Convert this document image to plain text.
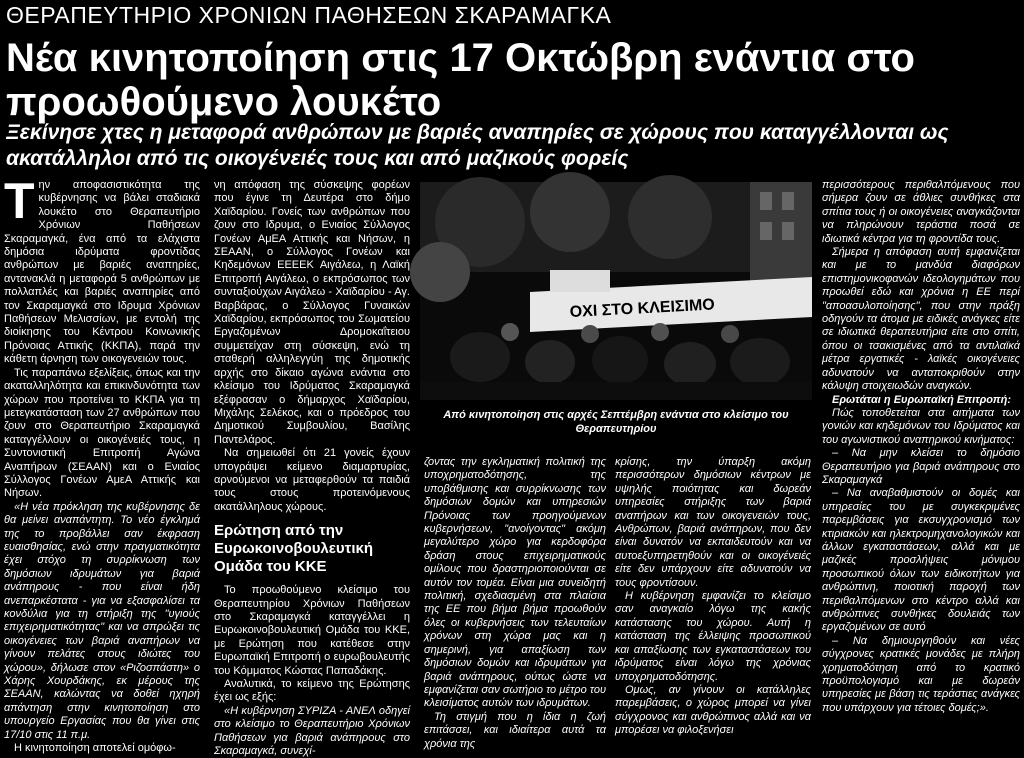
ΘΕΡΑΠΕΥΤΗΡΙΟ ΧΡΟΝΙΩΝ ΠΑΘΗΣΕΩΝ ΣΚΑΡΑΜΑΓΚΑ
Νέα κινητοποίηση στις 17 Οκτώβρη ενάντια στο προωθούμενο λουκέτο
Ξεκίνησε χτες η μεταφορά ανθρώπων με βαριές αναπηρίες σε χώρους που καταγγέλλονται ως ακατάλληλοι από τις οικογένειές τους και από μαζικούς φορείς

Την αποφασιστικότητα της κυβέρνησης να βάλει σταδιακά λουκέτο στο Θεραπευτήριο Χρόνιων Παθήσεων Σκαραμαγκά, ένα από τα ελάχιστα δημόσια ιδρύματα φροντίδας ανθρώπων με βαριές αναπηρίες, αντανακλά η μεταφορά 5 ανθρώπων με πολλαπλές και βαριές αναπηρίες από τον Σκαραμαγκά στο Ιδρυμα Χρόνιων Παθήσεων Μελισσίων, με εντολή της διοίκησης του Κέντρου Κοινωνικής Πρόνοιας Αττικής (ΚΚΠΑ), παρά την κάθετη άρνηση των οικογενειών τους.

Τις παραπάνω εξελίξεις, όπως και την ακαταλληλότητα και επικινδυνότητα των χώρων που προτείνει το ΚΚΠΑ για τη μετεγκατάσταση των 27 ανθρώπων που ζουν στο Θεραπευτήριο Σκαραμαγκά καταγγέλλουν οι οικογένειές τους, η Συντονιστική Επιτροπή Αγώνα Αναπήρων (ΣΕΑΑΝ) και ο Ενιαίος Σύλλογος Γονέων ΑμεΑ Αττικής και Νήσων.

«Η νέα πρόκληση της κυβέρνησης δε θα μείνει αναπάντητη. Το νέο έγκλημά της το προβάλλει σαν έκφραση ευαισθησίας, ενώ στην πραγματικότητα έχει στόχο τη συρρίκνωση των δημόσιων ιδρυμάτων για βαριά ανάπηρους - που είναι ήδη ανεπαρκέστατα - για να εξασφαλίσει τα κονδύλια για τη στήριξη της "υγιούς επιχειρηματικότητας" και να σπρώξει τις οικογένειες των βαριά αναπήρων να γίνουν πελάτες στους ιδιώτες του χώρου», δήλωσε στον «Ριζοσπάστη» ο Χάρης Χουρδάκης, εκ μέρους της ΣΕΑΑΝ, καλώντας να δοθεί ηχηρή απάντηση στην κινητοποίηση στο υπουργείο Εργασίας που θα γίνει στις 17/10 στις 11 π.μ.

Η κινητοποίηση αποτελεί ομόφω-

νη απόφαση της σύσκεψης φορέων που έγινε τη Δευτέρα στο δήμο Χαϊδαρίου. Γονείς των ανθρώπων που ζουν στο Ιδρυμα, ο Ενιαίος Σύλλογος Γονέων ΑμΕΑ Αττικής και Νήσων, η ΣΕΑΑΝ, ο Σύλλογος Γονέων και Κηδεμόνων ΕΕΕΕΚ Αιγάλεω, η Λαϊκή Επιτροπή Αιγάλεω, ο εκπρόσωπος των συνταξιούχων Αιγάλεω - Χαϊδαρίου - Αγ. Βαρβάρας, ο Σύλλογος Γυναικών Χαϊδαρίου, εκπρόσωπος του Σωματείου Εργαζομένων Δρομοκαΐτειου συμμετείχαν στη σύσκεψη, ενώ τη σταθερή αλληλεγγύη της δημοτικής αρχής στο δίκαιο αγώνα ενάντια στο κλείσιμο του Ιδρύματος Σκαραμαγκά εξέφρασαν ο δήμαρχος Χαϊδαρίου, Μιχάλης Σελέκος, και ο πρόεδρος του Δημοτικού Συμβουλίου, Βασίλης Παντελάρος.

Να σημειωθεί ότι 21 γονείς έχουν υπογράψει κείμενο διαμαρτυρίας, αρνούμενοι να μεταφερθούν τα παιδιά τους στους προτεινόμενους ακατάλληλους χώρους.

Ερώτηση από την Ευρωκοινοβουλευτική Ομάδα του ΚΚΕ

Το προωθούμενο κλείσιμο του Θεραπευτηρίου Χρόνιων Παθήσεων στο Σκαραμαγκά καταγγέλλει η Ευρωκοινοβουλευτική Ομάδα του ΚΚΕ, με Ερώτηση που κατέθεσε στην Ευρωπαϊκή Επιτροπή ο ευρωβουλευτής του Κόμματος Κώστας Παπαδάκης.

Αναλυτικά, το κείμενο της Ερώτησης έχει ως εξής:

«Η κυβέρνηση ΣΥΡΙΖΑ - ΑΝΕΛ οδηγεί στο κλείσιμο το Θεραπευτήριο Χρόνιων Παθήσεων για βαριά ανάπηρους στο Σκαραμαγκά, συνεχί-

ΟΧΙ ΣΤΟ ΚΛΕΙΣΙΜΟ
Από κινητοποίηση στις αρχές Σεπτέμβρη ενάντια στο κλείσιμο του Θεραπευτηρίου

ζοντας την εγκληματική πολιτική της υποχρηματοδότησης, της υποβάθμισης και συρρίκνωσης των δημόσιων δομών και υπηρεσιών Πρόνοιας των προηγούμενων κυβερνήσεων, "ανοίγοντας" ακόμη μεγαλύτερο χώρο για κερδοφόρα δράση στους επιχειρηματικούς ομίλους που δραστηριοποιούνται σε αυτόν τον τομέα. Είναι μια συνειδητή πολιτική, σχεδιασμένη στα πλαίσια της ΕΕ που βήμα βήμα προωθούν όλες οι κυβερνήσεις των τελευταίων χρόνων στη χώρα μας και η σημερινή, για απαξίωση των δημόσιων δομών και ιδρυμάτων για βαριά ανάπηρους, ούτως ώστε να εμφανίζεται σαν σωτήριο το μέτρο του κλεισίματος αυτών των ιδρυμάτων.

Τη στιγμή που η ίδια η ζωή επιτάσσει, και ιδιαίτερα αυτά τα χρόνια της

κρίσης, την ύπαρξη ακόμη περισσότερων δημόσιων κέντρων με υψηλής ποιότητας και δωρεάν υπηρεσίες στήριξης των βαριά αναπήρων και των οικογενειών τους, Ανθρώπων, βαριά ανάπηρων, που δεν είναι δυνατόν να εκπαιδευτούν και να αυτοεξυπηρετηθούν και οι οικογένειές είτε δεν υπάρχουν είτε αδυνατούν να τους φροντίσουν.

Η κυβέρνηση εμφανίζει το κλείσιμο σαν αναγκαίο λόγω της κακής κατάστασης του χώρου. Αυτή η κατάσταση της έλλειψης προσωπικού και απαξίωσης των εγκαταστάσεων του ιδρύματος είναι λόγω της χρόνιας υποχρηματοδότησης.

Ομως, αν γίνουν οι κατάλληλες παρεμβάσεις, ο χώρος μπορεί να γίνει σύγχρονος και ανθρώπινος αλλά και να μπορέσει να φιλοξενήσει

περισσότερους περιθαλπόμενους που σήμερα ζουν σε άθλιες συνθήκες στα σπίτια τους ή οι οικογένειες αναγκάζονται να πληρώνουν τεράστια ποσά σε ιδιωτικά κέντρα για τη φροντίδα τους.

Σήμερα η απόφαση αυτή εμφανίζεται και με το μανδύα διαφόρων επιστημονικοφανών ιδεολογημάτων που προωθεί εδώ και χρόνια η ΕΕ περί "αποασυλοποίησης", που στην πράξη οδηγούν τα άτομα με ειδικές ανάγκες είτε σε ιδιωτικά θεραπευτήρια είτε στο σπίτι, όπου οι τσακισμένες από τα αντιλαϊκά μέτρα εργατικές - λαϊκές οικογένειες αδυνατούν να ανταποκριθούν στην κάλυψη στοιχειωδών αναγκών.

Ερωτάται η Ευρωπαϊκή Επιτροπή:

Πώς τοποθετείται στα αιτήματα των γονιών και κηδεμόνων του Ιδρύματος και του αγωνιστικού αναπηρικού κινήματος:

– Να μην κλείσει το δημόσιο Θεραπευτήριο για βαριά ανάπηρους στο Σκαραμαγκά

– Να αναβαθμιστούν οι δομές και υπηρεσίες του με συγκεκριμένες παρεμβάσεις για εκσυγχρονισμό των κτιριακών και ηλεκτρομηχανολογικών και άλλων εγκαταστάσεων, αλλά και με μαζικές προσλήψεις μόνιμου προσωπικού όλων των ειδικοτήτων για ανθρώπινη, ποιοτική παροχή των περιθαλπόμενων στο κέντρο αλλά και ανθρώπινες συνθήκες δουλειάς των εργαζομένων σε αυτό

– Να δημιουργηθούν και νέες σύγχρονες κρατικές μονάδες με πλήρη χρηματοδότηση από το κρατικό προϋπολογισμό και με δωρεάν υπηρεσίες με βάση τις τεράστιες ανάγκες που υπάρχουν για τέτοιες δομές;».
